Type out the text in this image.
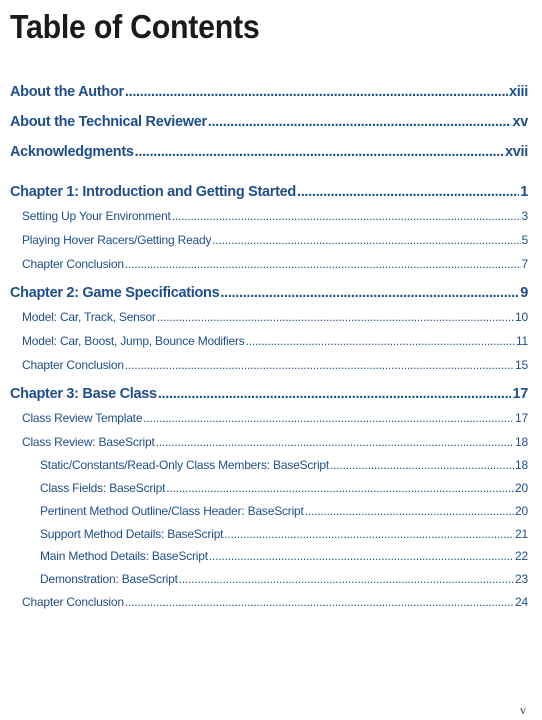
Table of Contents
About the Author .....	xiii
About the Technical Reviewer .....	xv
Acknowledgments .....	xvii
Chapter 1: Introduction and Getting Started .....	1
Setting Up Your Environment .....	3
Playing Hover Racers/Getting Ready .....	5
Chapter Conclusion .....	7
Chapter 2: Game Specifications .....	9
Model: Car, Track, Sensor .....	10
Model: Car, Boost, Jump, Bounce Modifiers .....	11
Chapter Conclusion .....	15
Chapter 3: Base Class .....	17
Class Review Template .....	17
Class Review: BaseScript .....	18
Static/Constants/Read-Only Class Members: BaseScript .....	18
Class Fields: BaseScript .....	20
Pertinent Method Outline/Class Header: BaseScript .....	20
Support Method Details: BaseScript .....	21
Main Method Details: BaseScript .....	22
Demonstration: BaseScript .....	23
Chapter Conclusion .....	24
v
